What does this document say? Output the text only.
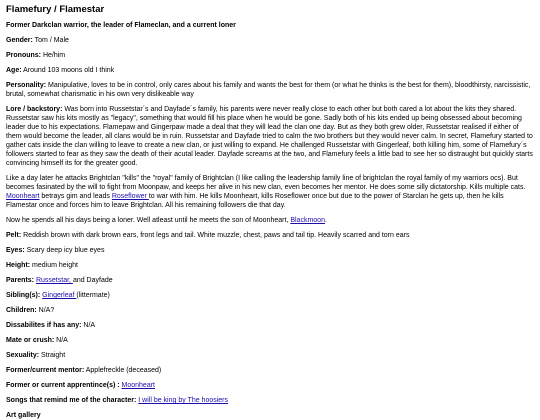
Flamefury / Flamestar

Former Darkclan warrior, the leader of Flameclan, and a current loner

Gender: Tom / Male

Pronouns: He/him

Age: Around 103 moons old I think

Personality: Manipulative, loves to be in control, only cares about his family and wants the best for them (or what he thinks is the best for them), bloodthirsty, narcissistic, brutal, somewhat charismatic in his own very dislikeable way

Lore / backstory: Was born into Russetstar´s and Dayfade´s family, his parents were never really close to each other but both cared a lot about the kits they shared. Russetstar saw his kits mostly as "legacy", something that would fill his place when he would be gone. Sadly both of his kits ended up being obsessed about becoming leader due to his expectations. Flamepaw and Gingerpaw made a deal that they will lead the clan one day. But as they both grew older, Russetstar realised if either of them would become the leader, all clans would be in ruin. Russetstar and Dayfade tried to calm the two brothers but they would never calm. In secret, Flamefury started to gather cats inside the clan willing to leave to create a new clan, or just willing to expand. He challenged Russetstar with Gingerleaf, both killing him, some of Flamefury´s followers started to fear as they saw the death of their acutal leader. Dayfade screams at the two, and Flamefury feels a little bad to see her so distraught but quickly starts convincing himself its for the greater good.

Like a day later he attacks Brightclan "kills" the "royal" family of Brightclan (I like calling the leadership family line of brightclan the royal family of my warriors ocs). But becomes fasinated by the will to fight from Moonpaw, and keeps her alive in his new clan, even becomes her mentor. He does some silly dictatorship. Kills multiple cats. Moonheart betrays gim and leads Roseflower to war with him. He kills Moonheart, kills Roseflower once but due to the power of Starclan he gets up, then he kills Flamestar once and forces him to leave Brightclan. All his remaining followers die that day.

Now he spends all his days being a loner. Well atleast until he meets the son of Moonheart, Blackmoon.

Pelt: Reddish brown with dark brown ears, front legs and tail. White muzzle, chest, paws and tail tip. Heavily scarred and torn ears

Eyes: Scary deep icy blue eyes

Height: medium height

Parents: Russetstar, and Dayfade

Sibling(s): Gingerleaf (littermate)

Children: N/A?

Dissabilites if has any: N/A

Mate or crush: N/A

Sexuality: Straight

Former/current mentor: Applefreckle (deceased)

Former or current apprentince(s) : Moonheart

Songs that remind me of the character: I will be king by The hoosiers

Art gallery
